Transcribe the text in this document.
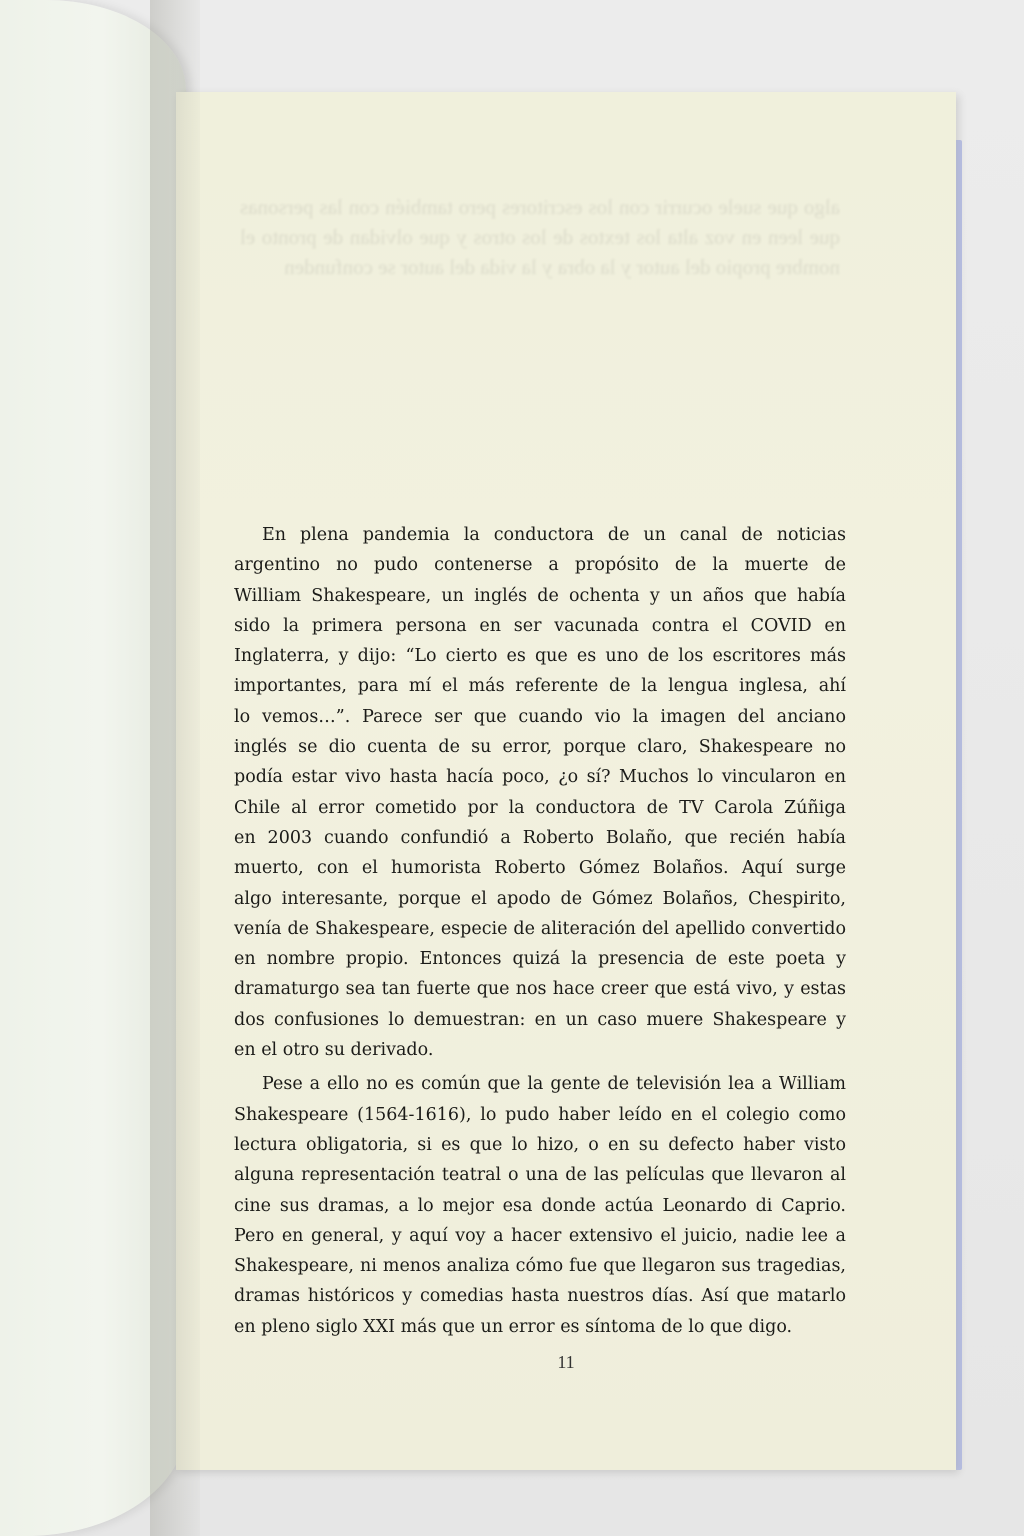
algo que suele ocurrir con los escritores pero también con las personas que leen en voz alta los textos de los otros y que olvidan de pronto el nombre propio del autor y la obra y la vida del autor se confunden
En plena pandemia la conductora de un canal de noticias
argentino no pudo contenerse a propósito de la muerte de
William Shakespeare, un inglés de ochenta y un años que había
sido la primera persona en ser vacunada contra el COVID en
Inglaterra, y dijo: “Lo cierto es que es uno de los escritores más
importantes, para mí el más referente de la lengua inglesa, ahí
lo vemos…”. Parece ser que cuando vio la imagen del anciano
inglés se dio cuenta de su error, porque claro, Shakespeare no
podía estar vivo hasta hacía poco, ¿o sí? Muchos lo vincularon en
Chile al error cometido por la conductora de TV Carola Zúñiga
en 2003 cuando confundió a Roberto Bolaño, que recién había
muerto, con el humorista Roberto Gómez Bolaños. Aquí surge
algo interesante, porque el apodo de Gómez Bolaños, Chespirito,
venía de Shakespeare, especie de aliteración del apellido convertido
en nombre propio. Entonces quizá la presencia de este poeta y
dramaturgo sea tan fuerte que nos hace creer que está vivo, y estas
dos confusiones lo demuestran: en un caso muere Shakespeare y
en el otro su derivado.
Pese a ello no es común que la gente de televisión lea a William
Shakespeare (1564-1616), lo pudo haber leído en el colegio como
lectura obligatoria, si es que lo hizo, o en su defecto haber visto
alguna representación teatral o una de las películas que llevaron al
cine sus dramas, a lo mejor esa donde actúa Leonardo di Caprio.
Pero en general, y aquí voy a hacer extensivo el juicio, nadie lee a
Shakespeare, ni menos analiza cómo fue que llegaron sus tragedias,
dramas históricos y comedias hasta nuestros días. Así que matarlo
en pleno siglo XXI más que un error es síntoma de lo que digo.
11
